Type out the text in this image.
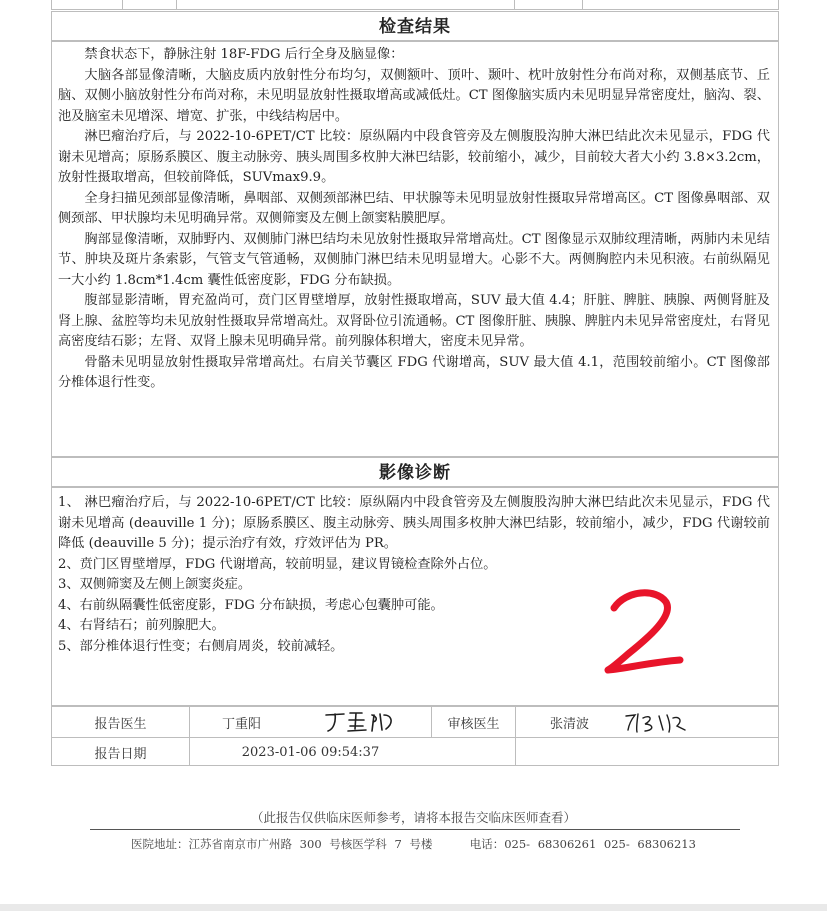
检查结果

禁食状态下，静脉注射 18F-FDG 后行全身及脑显像：

大脑各部显像清晰，大脑皮质内放射性分布均匀，双侧额叶、顶叶、颞叶、枕叶放射性分布尚对称，双侧基底节、丘脑、双侧小脑放射性分布尚对称，未见明显放射性摄取增高或减低灶。CT 图像脑实质内未见明显异常密度灶，脑沟、裂、池及脑室未见增深、增宽、扩张，中线结构居中。

淋巴瘤治疗后，与 2022-10-6PET/CT 比较：原纵隔内中段食管旁及左侧腹股沟肿大淋巴结此次未见显示，FDG 代谢未见增高；原肠系膜区、腹主动脉旁、胰头周围多枚肿大淋巴结影，较前缩小，减少，目前较大者大小约 3.8×3.2cm，放射性摄取增高，但较前降低，SUVmax9.9。

全身扫描见颈部显像清晰，鼻咽部、双侧颈部淋巴结、甲状腺等未见明显放射性摄取异常增高区。CT 图像鼻咽部、双侧颈部、甲状腺均未见明确异常。双侧筛窦及左侧上颌窦粘膜肥厚。

胸部显像清晰，双肺野内、双侧肺门淋巴结均未见放射性摄取异常增高灶。CT 图像显示双肺纹理清晰，两肺内未见结节、肿块及斑片条索影，气管支气管通畅，双侧肺门淋巴结未见明显增大。心影不大。两侧胸腔内未见积液。右前纵隔见一大小约 1.8cm*1.4cm 囊性低密度影，FDG 分布缺损。

腹部显影清晰，胃充盈尚可，贲门区胃壁增厚，放射性摄取增高，SUV 最大值 4.4；肝脏、脾脏、胰腺、两侧肾脏及肾上腺、盆腔等均未见放射性摄取异常增高灶。双肾卧位引流通畅。CT 图像肝脏、胰腺、脾脏内未见异常密度灶，右肾见高密度结石影；左肾、双肾上腺未见明确异常。前列腺体积增大，密度未见异常。

骨骼未见明显放射性摄取异常增高灶。右肩关节囊区 FDG 代谢增高，SUV 最大值 4.1，范围较前缩小。CT 图像部分椎体退行性变。

影像诊断

1、 淋巴瘤治疗后，与 2022-10-6PET/CT 比较：原纵隔内中段食管旁及左侧腹股沟肿大淋巴结此次未见显示，FDG 代谢未见增高 (deauville 1 分)；原肠系膜区、腹主动脉旁、胰头周围多枚肿大淋巴结影，较前缩小，减少，FDG 代谢较前降低 (deauville 5 分)；提示治疗有效，疗效评估为 PR。

2、贲门区胃壁增厚，FDG 代谢增高，较前明显，建议胃镜检查除外占位。

3、双侧筛窦及左侧上颌窦炎症。

4、右前纵隔囊性低密度影，FDG 分布缺损，考虑心包囊肿可能。

4、右肾结石；前列腺肥大。

5、部分椎体退行性变；右侧肩周炎，较前减轻。

报告医生	丁重阳	审核医生	张清波
报告日期	2023-01-06 09:54:37
（此报告仅供临床医师参考，请将本报告交临床医师查看）
医院地址：江苏省南京市广州路 300 号核医学科 7 号楼	电话：025- 68306261 025- 68306213
